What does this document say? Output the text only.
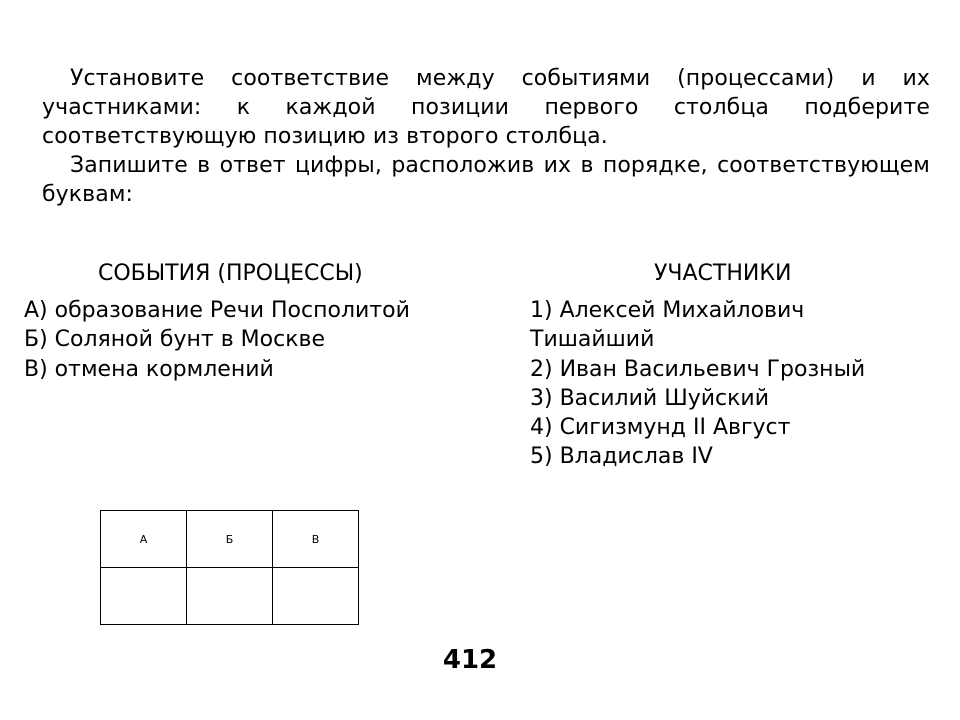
Установите соответствие между событиями (процессами) и их участниками: к каждой позиции первого столбца подберите соответствующую позицию из второго столбца.

Запишите в ответ цифры, расположив их в порядке, соответствующем буквам:

СОБЫТИЯ (ПРОЦЕССЫ)	УЧАСТНИКИ
А) образование Речи Посполитой
Б) Соляной бунт в Москве
В) отмена кормлений
1) Алексей Михайлович Тишайший
2) Иван Васильевич Грозный
3) Василий Шуйский
4) Сигизмунд II Август
5) Владислав IV
А	Б	В

412
